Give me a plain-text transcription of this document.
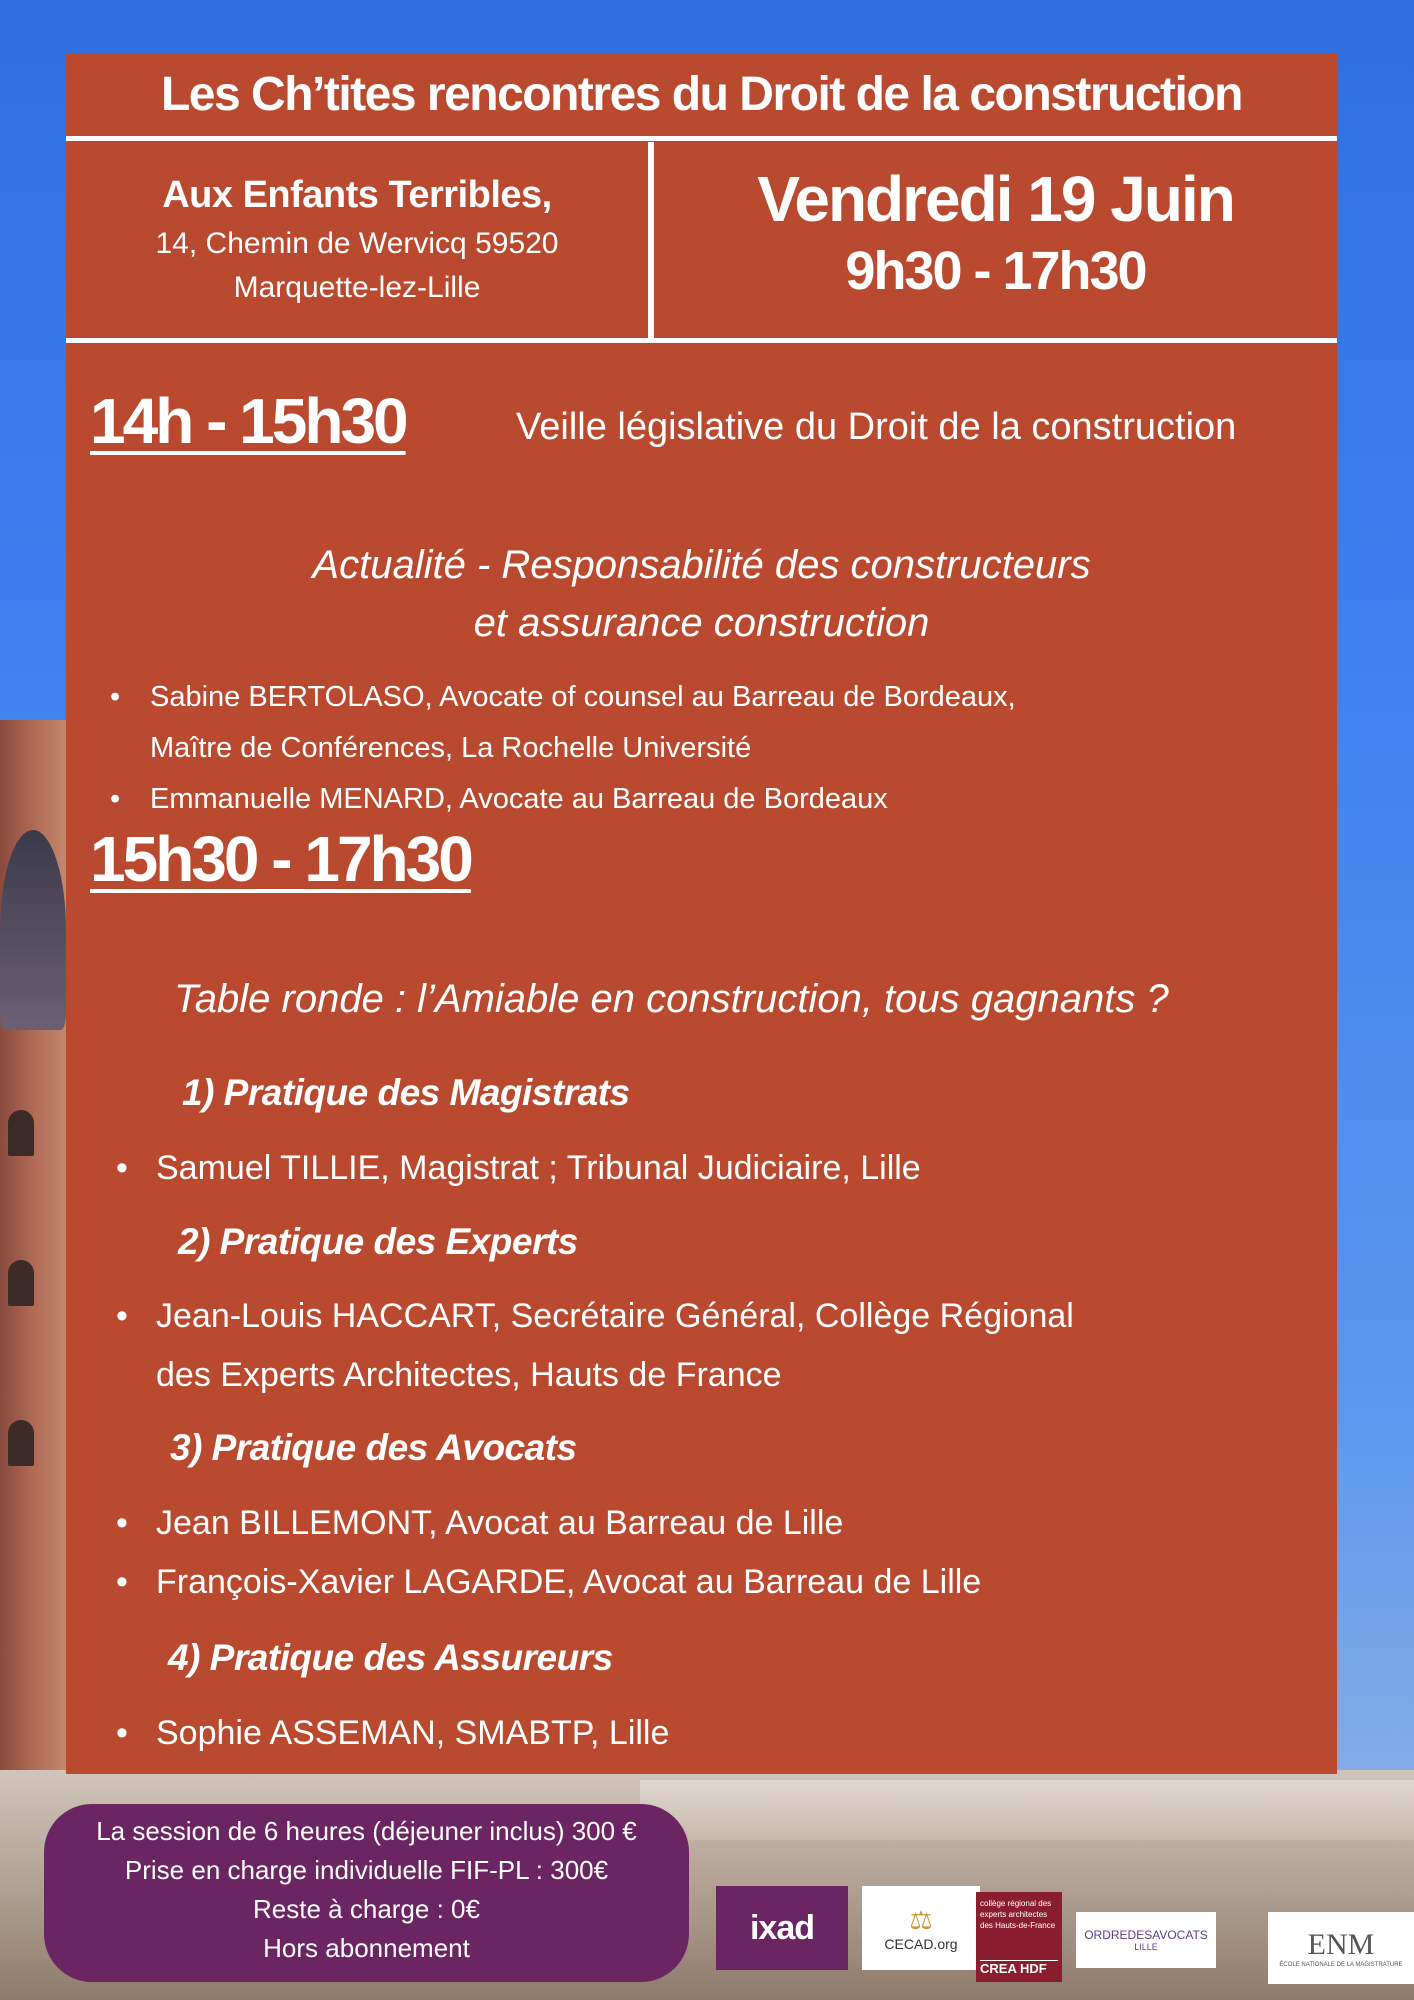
Les Ch’tites rencontres du Droit de la construction
Aux Enfants Terribles,
14, Chemin de Wervicq 59520
Marquette-lez-Lille
Vendredi 19 Juin
9h30 - 17h30
14h - 15h30	Veille législative du Droit de la construction
Actualité - Responsabilité des constructeurs
et assurance construction
• Sabine BERTOLASO, Avocate of counsel au Barreau de Bordeaux,
Maître de Conférences, La Rochelle Université
• Emmanuelle MENARD, Avocate au Barreau de Bordeaux
15h30 - 17h30
Table ronde : l’Amiable en construction, tous gagnants ?
1) Pratique des Magistrats
• Samuel TILLIE, Magistrat ; Tribunal Judiciaire, Lille
2) Pratique des Experts
• Jean-Louis HACCART, Secrétaire Général, Collège Régional
des Experts Architectes, Hauts de France
3) Pratique des Avocats
• Jean BILLEMONT, Avocat au Barreau de Lille
• François-Xavier LAGARDE, Avocat au Barreau de Lille
4) Pratique des Assureurs
• Sophie ASSEMAN, SMABTP, Lille
La session de 6 heures (déjeuner inclus) 300 €
Prise en charge individuelle FIF-PL : 300€
Reste à charge : 0€
Hors abonnement
ixad	⚖
CECAD.org
collège régional des experts architectes des Hauts-de-France
CREA HDF
ORDREDESAVOCATS
LILLE	ENM
ÉCOLE NATIONALE DE LA MAGISTRATURE
